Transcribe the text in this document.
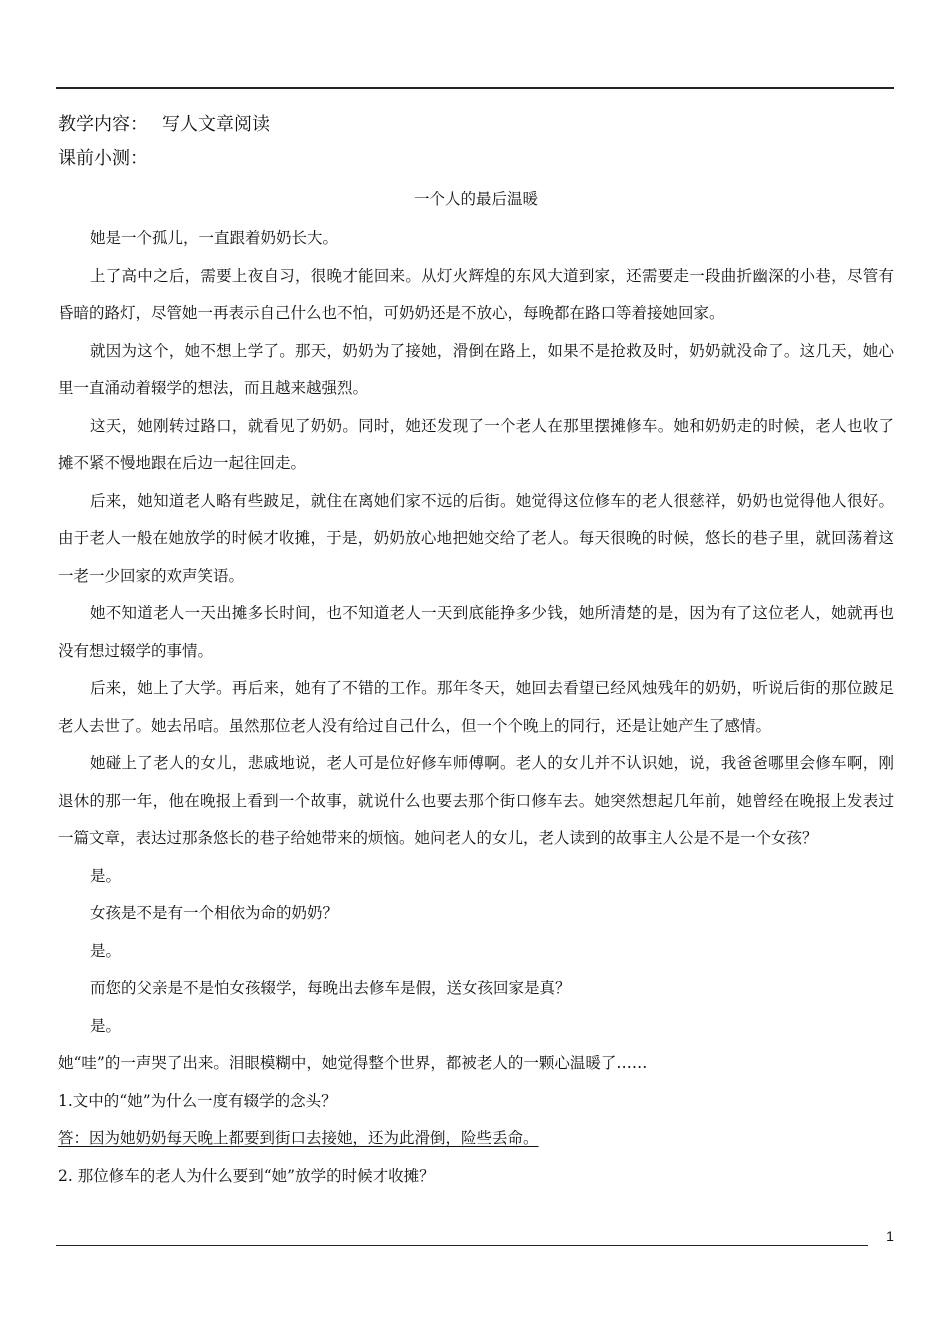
教学内容： 写人文章阅读
课前小测：
一个人的最后温暖

她是一个孤儿，一直跟着奶奶长大。

上了高中之后，需要上夜自习，很晚才能回来。从灯火辉煌的东风大道到家，还需要走一段曲折幽深的小巷，尽管有昏暗的路灯，尽管她一再表示自己什么也不怕，可奶奶还是不放心，每晚都在路口等着接她回家。

就因为这个，她不想上学了。那天，奶奶为了接她，滑倒在路上，如果不是抢救及时，奶奶就没命了。这几天，她心里一直涌动着辍学的想法，而且越来越强烈。

这天，她刚转过路口，就看见了奶奶。同时，她还发现了一个老人在那里摆摊修车。她和奶奶走的时候，老人也收了摊不紧不慢地跟在后边一起往回走。

后来，她知道老人略有些跛足，就住在离她们家不远的后街。她觉得这位修车的老人很慈祥，奶奶也觉得他人很好。由于老人一般在她放学的时候才收摊，于是，奶奶放心地把她交给了老人。每天很晚的时候，悠长的巷子里，就回荡着这一老一少回家的欢声笑语。

她不知道老人一天出摊多长时间，也不知道老人一天到底能挣多少钱，她所清楚的是，因为有了这位老人，她就再也没有想过辍学的事情。

后来，她上了大学。再后来，她有了不错的工作。那年冬天，她回去看望已经风烛残年的奶奶，听说后街的那位跛足老人去世了。她去吊唁。虽然那位老人没有给过自己什么，但一个个晚上的同行，还是让她产生了感情。

她碰上了老人的女儿，悲戚地说，老人可是位好修车师傅啊。老人的女儿并不认识她，说，我爸爸哪里会修车啊，刚退休的那一年，他在晚报上看到一个故事，就说什么也要去那个街口修车去。她突然想起几年前，她曾经在晚报上发表过一篇文章，表达过那条悠长的巷子给她带来的烦恼。她问老人的女儿，老人读到的故事主人公是不是一个女孩？

是。

女孩是不是有一个相依为命的奶奶？

是。

而您的父亲是不是怕女孩辍学，每晚出去修车是假，送女孩回家是真？

是。

她“哇”的一声哭了出来。泪眼模糊中，她觉得整个世界，都被老人的一颗心温暖了……

1.文中的“她”为什么一度有辍学的念头？

答：因为她奶奶每天晚上都要到街口去接她，还为此滑倒，险些丢命。

2. 那位修车的老人为什么要到“她”放学的时候才收摊？

1
